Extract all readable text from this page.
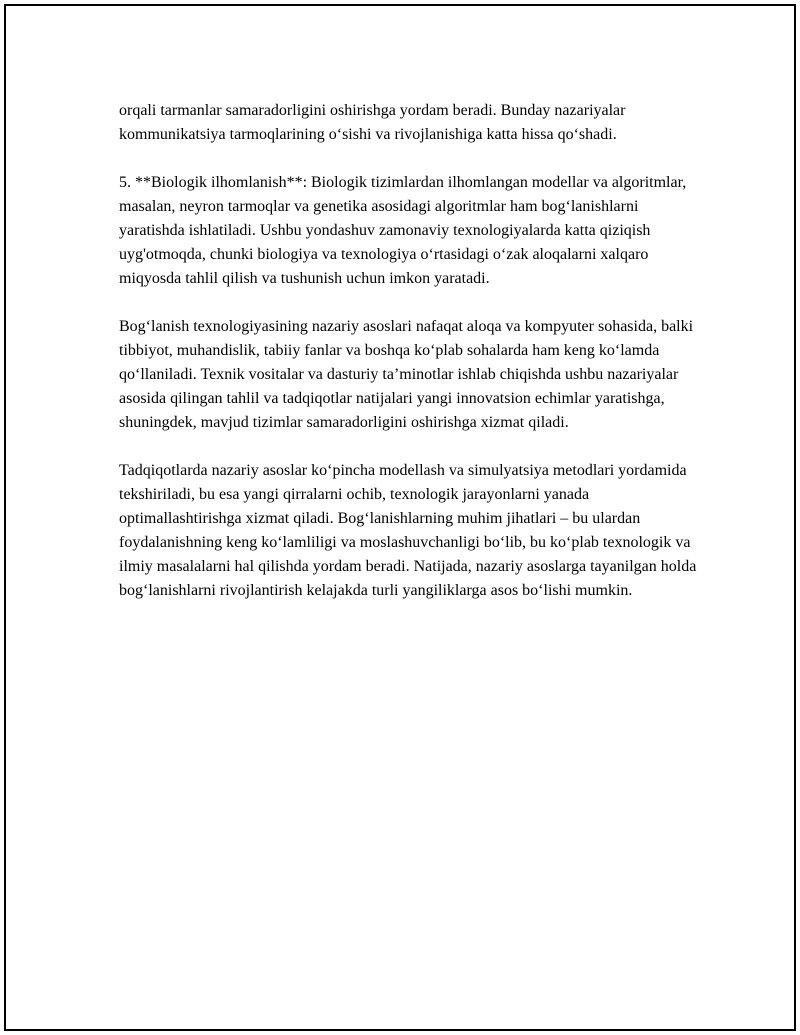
orqali tarmanlar samaradorligini oshirishga yordam beradi. Bunday nazariyalar kommunikatsiya tarmoqlarining o‘sishi va rivojlanishiga katta hissa qo‘shadi.

5. **Biologik ilhomlanish**: Biologik tizimlardan ilhomlangan modellar va algoritmlar, masalan, neyron tarmoqlar va genetika asosidagi algoritmlar ham bog‘lanishlarni yaratishda ishlatiladi. Ushbu yondashuv zamonaviy texnologiyalarda katta qiziqish uyg'otmoqda, chunki biologiya va texnologiya o‘rtasidagi o‘zak aloqalarni xalqaro miqyosda tahlil qilish va tushunish uchun imkon yaratadi.

Bog‘lanish texnologiyasining nazariy asoslari nafaqat aloqa va kompyuter sohasida, balki tibbiyot, muhandislik, tabiiy fanlar va boshqa ko‘plab sohalarda ham keng ko‘lamda qo‘llaniladi. Texnik vositalar va dasturiy ta’minotlar ishlab chiqishda ushbu nazariyalar asosida qilingan tahlil va tadqiqotlar natijalari yangi innovatsion echimlar yaratishga, shuningdek, mavjud tizimlar samaradorligini oshirishga xizmat qiladi.

Tadqiqotlarda nazariy asoslar ko‘pincha modellash va simulyatsiya metodlari yordamida tekshiriladi, bu esa yangi qirralarni ochib, texnologik jarayonlarni yanada optimallashtirishga xizmat qiladi. Bog‘lanishlarning muhim jihatlari – bu ulardan foydalanishning keng ko‘lamliligi va moslashuvchanligi bo‘lib, bu ko‘plab texnologik va ilmiy masalalarni hal qilishda yordam beradi. Natijada, nazariy asoslarga tayanilgan holda bog‘lanishlarni rivojlantirish kelajakda turli yangiliklarga asos bo‘lishi mumkin.
